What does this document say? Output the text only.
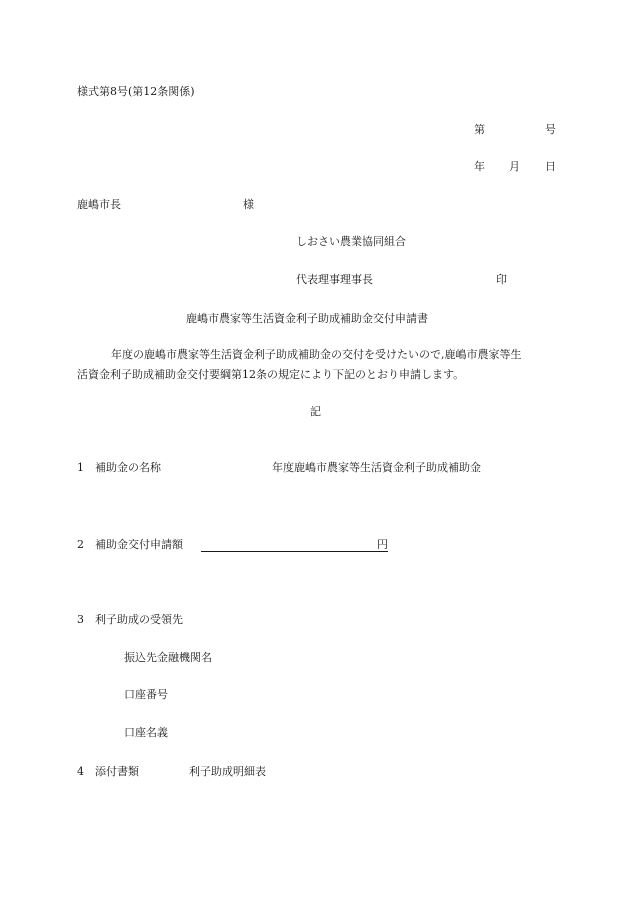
様式第8号(第12条関係)
第	号
年 月 日
鹿嶋市長	様
しおさい農業協同組合
代表理事理事長	印
鹿嶋市農家等生活資金利子助成補助金交付申請書
年度の鹿嶋市農家等生活資金利子助成補助金の交付を受けたいので,鹿嶋市農家等生
活資金利子助成補助金交付要綱第12条の規定により下記のとおり申請します。
記
1 補助金の名称	年度鹿嶋市農家等生活資金利子助成補助金
2 補助金交付申請額	円
3 利子助成の受領先
振込先金融機関名
口座番号
口座名義
4 添付書類	利子助成明細表
